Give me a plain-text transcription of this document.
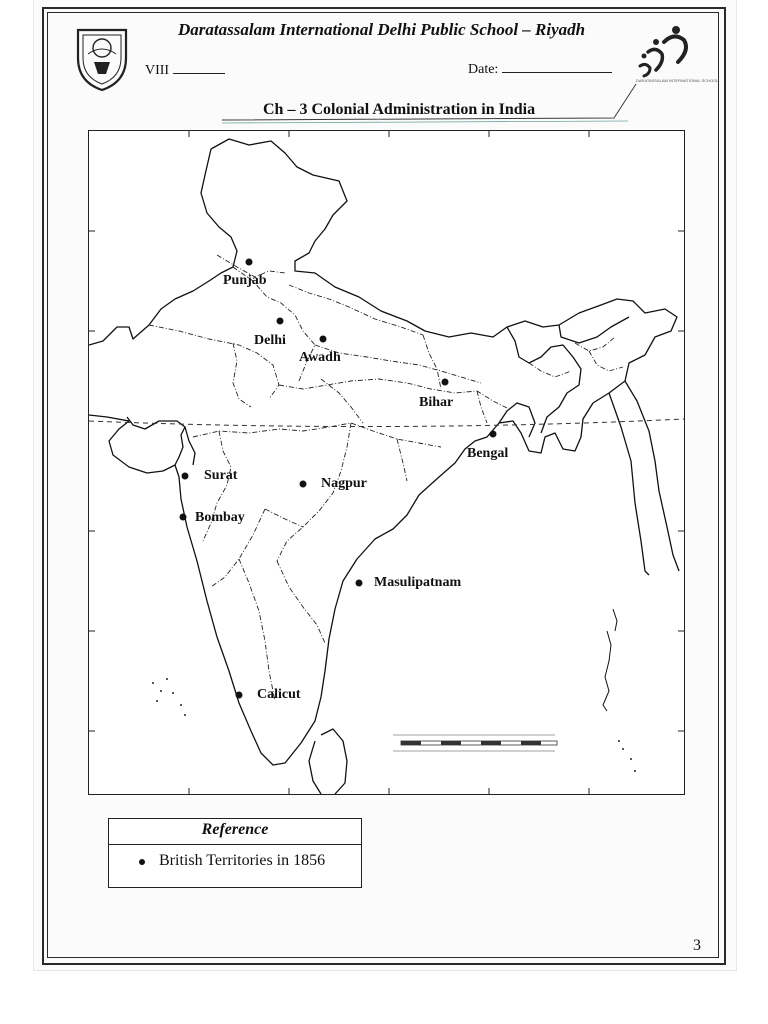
Daratassalam International Delhi Public School – Riyadh
DARATASSALAM INTERNATIONAL SCHOOL
VIII	Date:
Ch – 3 Colonial Administration in India
Punjab
Delhi
Awadh
Bihar
Bengal
Surat
Nagpur
Bombay
Masulipatnam
Calicut
Reference
British Territories in 1856
3
